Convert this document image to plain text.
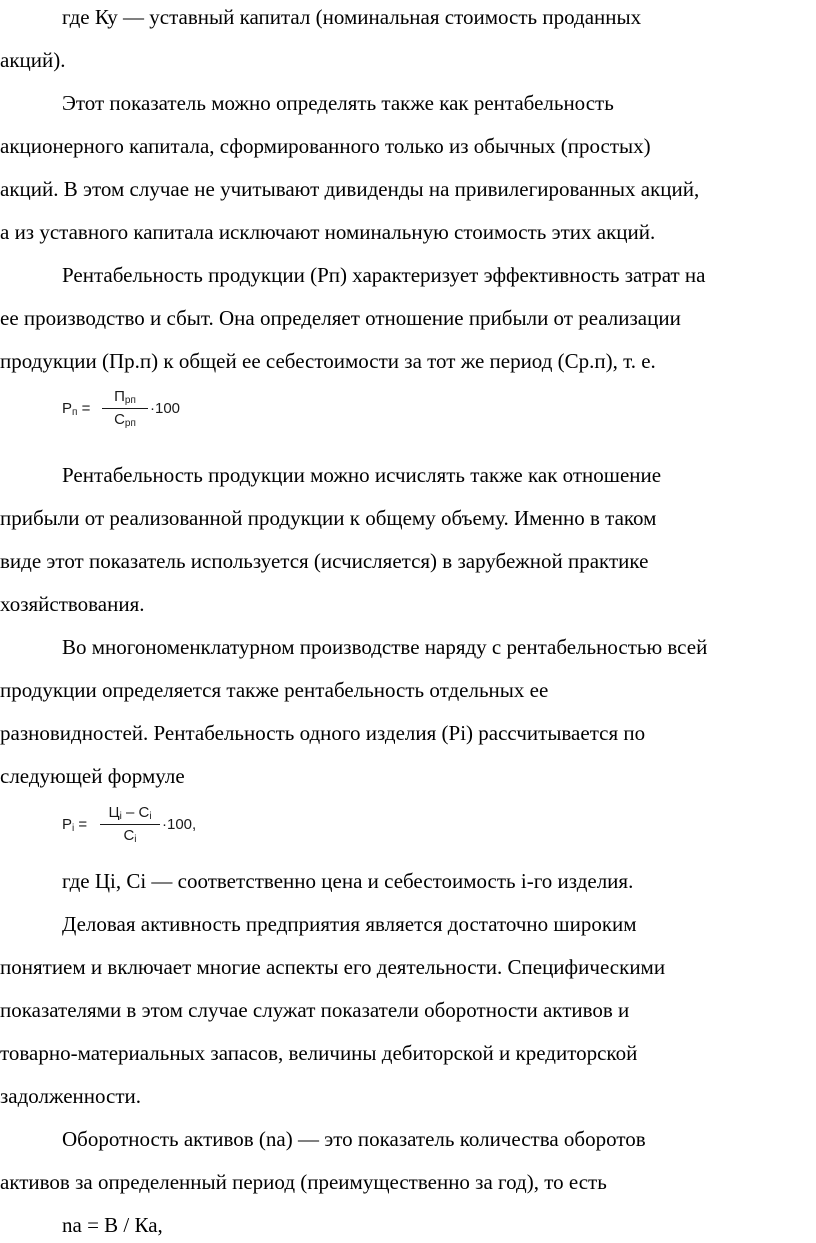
где Ку — уставный капитал (номинальная стоимость проданных

акций).

Этот показатель можно определять также как рентабельность

акционерного капитала, сформированного только из обычных (простых)

акций. В этом случае не учитывают дивиденды на привилегированных акций,

а из уставного капитала исключают номинальную стоимость этих акций.

Рентабельность продукции (Рп) характеризует эффективность затрат на

ее производство и сбыт. Она определяет отношение прибыли от реализации

продукции (Пр.п) к общей ее себестоимости за тот же период (Ср.п), т. е.

Рентабельность продукции можно исчислять также как отношение

прибыли от реализованной продукции к общему объему. Именно в таком

виде этот показатель используется (исчисляется) в зарубежной практике

хозяйствования.

Во многономенклатурном производстве наряду с рентабельностью всей

продукции определяется также рентабельность отдельных ее

разновидностей. Рентабельность одного изделия (Pi) рассчитывается по

следующей формуле

где Цi, Сi — соответственно цена и себестоимость i-го изделия.

Деловая активность предприятия является достаточно широким

понятием и включает многие аспекты его деятельности. Специфическими

показателями в этом случае служат показатели оборотности активов и

товарно-материальных запасов, величины дебиторской и кредиторской

задолженности.

Оборотность активов (na) — это показатель количества оборотов

активов за определенный период (преимущественно за год), то есть

na = B / Ка,

$Р_п$ =
$П_{рп}$
$С_{рп}$
·100
$P_i$ =
$Ц_i - C_i$
$C_i$
·100,
